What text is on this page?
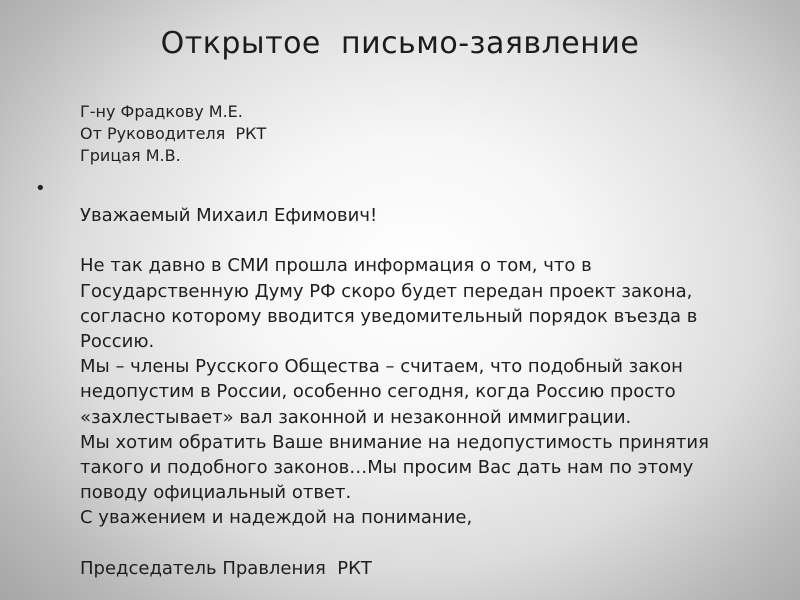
Открытое  письмо-заявление
Г-ну Фрадкову М.Е.
От Руководителя  РКТ
Грицая М.В.
•
Уважаемый Михаил Ефимович!
Не так давно в СМИ прошла информация о том, что в
Государственную Думу РФ скоро будет передан проект закона,
согласно которому вводится уведомительный порядок въезда в
Россию.
Мы – члены Русского Общества – считаем, что подобный закон
недопустим в России, особенно сегодня, когда Россию просто
«захлестывает» вал законной и незаконной иммиграции.
Мы хотим обратить Ваше внимание на недопустимость принятия
такого и подобного законов…Мы просим Вас дать нам по этому
поводу официальный ответ.
С уважением и надеждой на понимание,
Председатель Правления  РКТ
